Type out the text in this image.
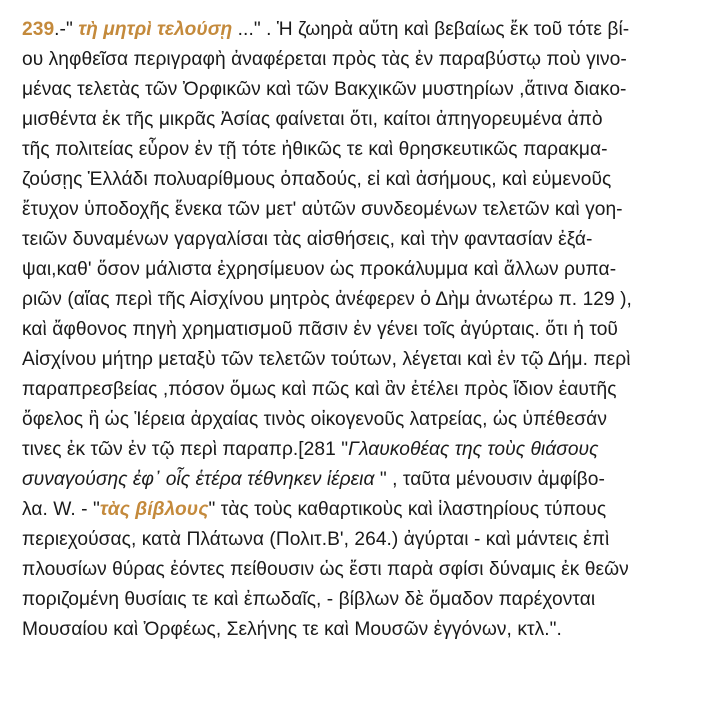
239.-" τὴ μητρὶ τελούσῃ ..." . Ἡ ζωηρὰ αὕτη καὶ βεβαίως ἔκ τοῦ τότε βί-
ου ληφθεῖσα περιγραφὴ ἀναφέρεται πρὸς τὰς ἐν παραβύστῳ ποὺ γινο-
μένας τελετὰς τῶν Ὀρφικῶν καὶ τῶν Βακχικῶν μυστηρίων ,ἅτινα διακο-
μισθέντα ἐκ τῆς μικρᾶς Ἀσίας φαίνεται ὅτι, καίτοι ἀπηγορευμένα ἀπὸ
τῆς πολιτείας εὗρον ἐν τῇ τότε ἠθικῶς τε καὶ θρησκευτικῶς παρακμα-
ζούσῃς Ἑλλάδι πολυαρίθμους ὀπαδούς, εἰ καὶ ἀσήμους, καὶ εὐμενοῦς
ἔτυχον ὑποδοχῆς ἕνεκα τῶν μετ' αὐτῶν συνδεομένων τελετῶν καὶ γοη-
τειῶν δυναμένων γαργαλίσαι τὰς αἰσθήσεις, καὶ τὴν φαντασίαν ἐξά-
ψαι,καθ' ὅσον μάλιστα ἐχρησίμευον ὡς προκάλυμμα καὶ ἄλλων ρυπα-
ριῶν (αἵας περὶ τῆς Αἰσχίνου μητρὸς ἀνέφερεν ὁ Δὴμ ἀνωτέρω π. 129 ),
καὶ ἄφθονος πηγὴ χρηματισμοῦ πᾶσιν ἐν γένει τοῖς ἀγύρταις. ὅτι ἡ τοῦ
Αἰσχίνου μήτηρ μεταξὺ τῶν τελετῶν τούτων, λέγεται καὶ ἐν τῷ Δήμ. περὶ
παραπρεσβείας ,πόσον ὅμως καὶ πῶς καὶ ἂν ἐτέλει πρὸς ἴδιον ἑαυτῆς
ὄφελος ἢ ὡς Ἱέρεια ἀρχαίας τινὸς οἰκογενοῦς λατρείας, ὡς ὑπέθεσάν
τινες ἐκ τῶν ἐν τῷ περὶ παραπρ.[281 "Γλαυκοθέας της τοὺς θιάσους
συναγούσης ἐφ᾽ οἷς ἑτέρα τέθνηκεν ἱέρεια " , ταῦτα μένουσιν ἀμφίβο-
λα. W. - "τὰς βίβλους" τὰς τοὺς καθαρτικοὺς καὶ ἱλαστηρίους τύπους
περιεχούσας, κατὰ Πλάτωνα (Πολιτ.Β', 264.) ἀγύρται - καὶ μάντεις ἐπὶ
πλουσίων θύρας ἐόντες πείθουσιν ὡς ἔστι παρὰ σφίσι δύναμις ἐκ θεῶν
ποριζομένη θυσίαις τε καὶ ἐπωδαῖς, - βίβλων δὲ ὅμαδον παρέχονται
Μουσαίου καὶ Ὀρφέως, Σελήνης τε καὶ Μουσῶν ἐγγόνων, κτλ.".
